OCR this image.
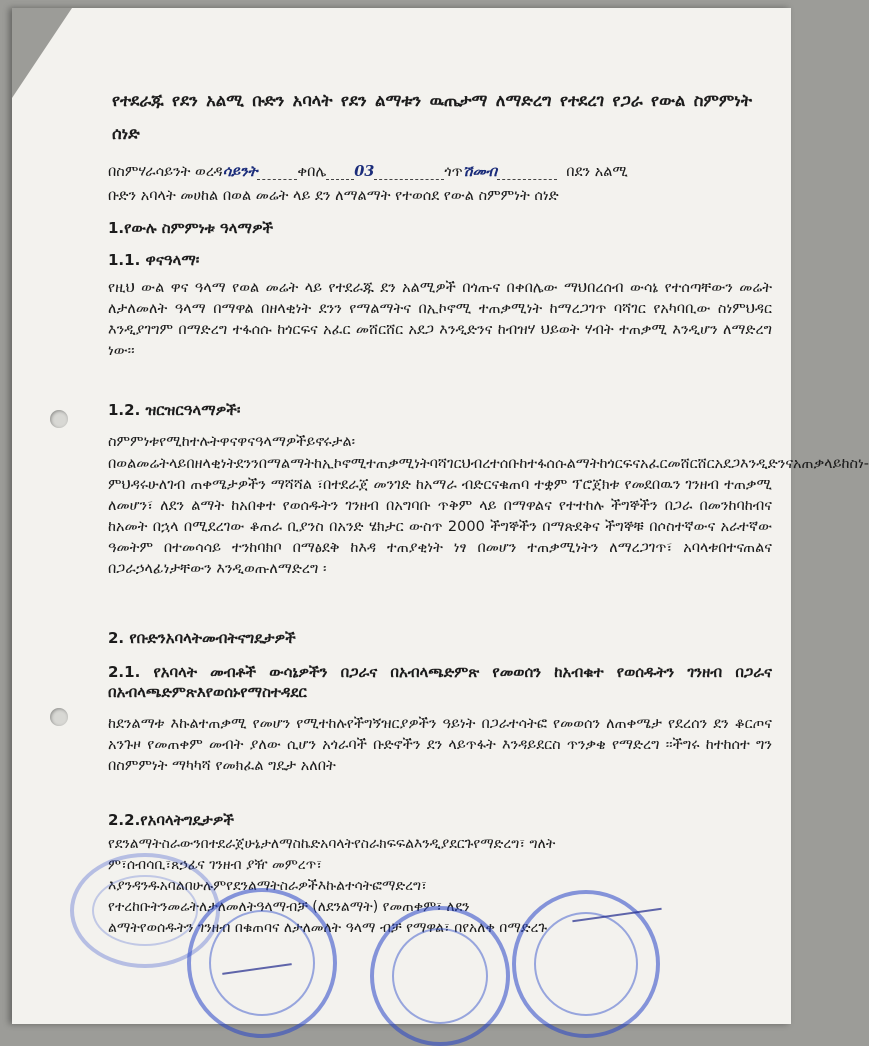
የተደራጁ የደን አልሚ ቡድን አባላት የደን ልማቱን ዉጤታማ ለማድረግ የተደረገ የጋራ የውል ስምምነት ሰነድ

በስምሃራሳይንት ወረዳሳይንት	ቀበሌ 03	ጎጥሽመብ	በደን አልሚ

ቡድን አባላት መሀከል በወል መሬት ላይ ደን ለማልማት የተወሰደ የውል ስምምነት ሰነድ

1.የውሉ ስምምነቱ ዓላማዎች

1.1. ዋናዓላማ፡

የዚህ ውል ዋና ዓላማ የወል መሬት ላይ የተደራጁ ደን አልሚዎች በጎጡና በቀበሌው ማህበረሰብ ውሳኔ የተሰጣቸውን መሬት ለታለመለት ዓላማ በማዋል በዘላቂነት ደንን የማልማትና በኢኮኖሚ ተጠቃሚነት ከማረጋገጥ ባሻገር የአካባቢው ስነምህዳር እንዲያገግም በማድረግ ተፋሰሱ ከጎርፍና አፈር መሸርሸር አደጋ እንዲድንና ከብዝሃ ህይወት ሃብት ተጠቃሚ እንዲሆን ለማድረግ ነው፡፡

1.2. ዝርዝርዓላማዎች፡

ስምምነቱየሚከተሉትዋናዋናዓላማዎችይኖሩታል፡

በወልመሬትላይበዘላቂነትደንንበማልማትከኢኮኖሚተጠቃሚነትባሻገርህብረተሰቡከተፋሰሱልማትከጎርፍናአፈርመሸርሸርአደጋእንዲድንናአጠቃላይከስነ-ምህዳሩሁለገብ ጠቀሜታዎችን ማሻሻል ፣በተደራጀ መንገድ ከአማራ ብድርናቁጠባ ተቋም ፕሮጀክቱ የመደበዉን ገንዘብ ተጠቃሚ ለመሆን፣ ለደን ልማት ከአበቀተ የወሰዱትን ገንዘብ በአግባቡ ጥቅም ላይ በማዋልና የተተከሉ ችግኞችን በጋራ በመንከባከብና ከአመት በኋላ በሚደረገው ቆጠራ ቢያንስ በአንድ ሄክታር ውስጥ 2000 ችግኞችን በማጽደቅና ችግኞቹ በሶስተኛውና አራተኛው ዓመትም በተመሳሳይ ተንከባክቦ በማፅደቅ ከእዳ ተጠያቂነት ነፃ በመሆን ተጠቃሚነትን ለማረጋገጥ፣ አባላቱበተናጠልና በጋራኃላፊነታቸውን እንዲወጡለማድረግ ፡

2. የቡድንአባላትመብትናግዴታዎች

2.1. የአባላት መብቶች ውሳኔዎችን በጋራና በአብላጫድምጽ የመወሰን ከአብቁተ የወሰዱትን ገንዘብ በጋራና በአብላጫድምጽእየወሰኑየማስተዳደር

ከደንልማቱ እኩልተጠቃሚ የመሆን የሚተከሉየችግኝዝርያዎችን ዓይነት በጋራተሳትፎ የመወሰን ለጠቀሜታ የደረሰን ደን ቆርጦና አንጉዞ የመጠቀም መብት ያለው ሲሆን አጎራባች ቡድኖችን ደን ላይጥፋት እንዳይደርስ ጥንቃቄ የማድረግ ፡፡ችግሩ ከተከሰተ ግን በስምምነት ማካካሻ የመክፈል ግዴታ አለበት

2.2.የአባላትግዴታዎች

የደንልማትስራውንበተደራጀሁኔታለማስኬድአባላትየስራክፍፍልእንዲያደርጉየማድረግ፣ ግለት
ም፣ሰብሳቢ፣ጸኃፊና ገንዘብ ያዥ መምረጥ፣
እያንዳንዱአባልበሁሉምየደንልማትስራዎችእኩልተሳትፎማድረግ፣
የተረከቡትንመሬትለታለመለትዓላማብቻ (ለደንልማት) የመጠቀም፣ ለደን
ልማትየወሰዱትን ገንዘብ በቁጠባና ለታለመለት ዓላማ ብቻ የማዋል፣ በየአለቀ በማድረጉ
